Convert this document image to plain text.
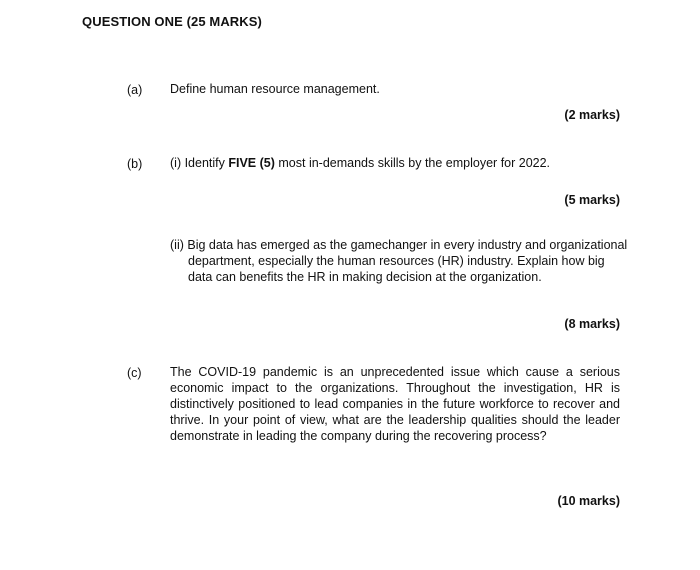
QUESTION ONE (25 MARKS)
(a) Define human resource management.
(2 marks)
(b) (i) Identify FIVE (5) most in-demands skills by the employer for 2022.
(5 marks)
(ii) Big data has emerged as the gamechanger in every industry and organizational department, especially the human resources (HR) industry. Explain how big data can benefits the HR in making decision at the organization.
(8 marks)
(c) The COVID-19 pandemic is an unprecedented issue which cause a serious economic impact to the organizations. Throughout the investigation, HR is distinctively positioned to lead companies in the future workforce to recover and thrive. In your point of view, what are the leadership qualities should the leader demonstrate in leading the company during the recovering process?
(10 marks)
